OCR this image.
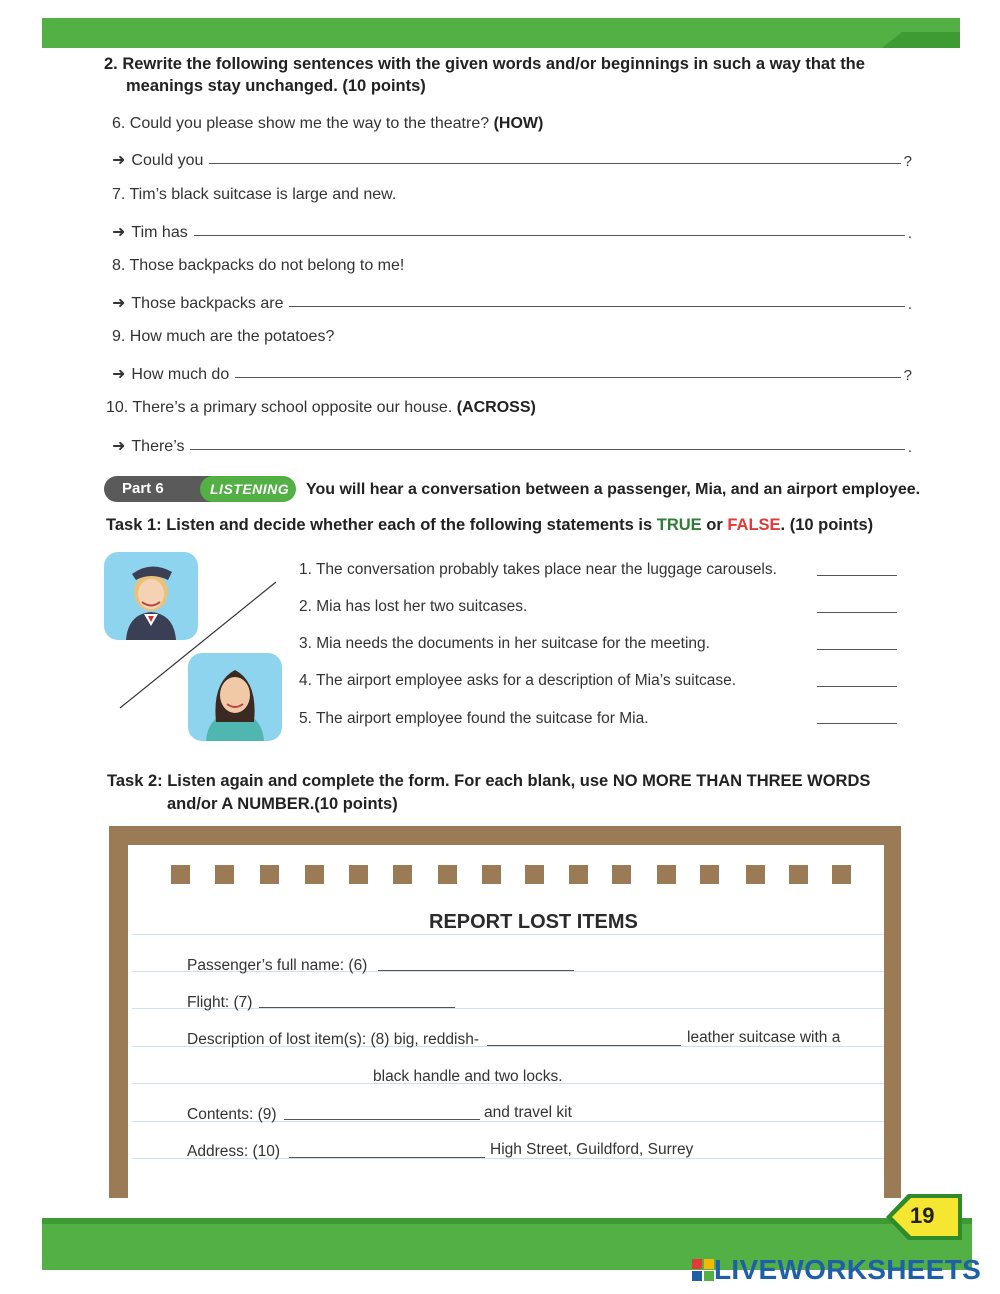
2. Rewrite the following sentences with the given words and/or beginnings in such a way that the
meanings stay unchanged. (10 points)
6. Could you please show me the way to the theatre? (HOW)
➜ Could you	?
7. Tim’s black suitcase is large and new.
➜ Tim has	.
8. Those backpacks do not belong to me!
➜ Those backpacks are	.
9. How much are the potatoes?
➜ How much do	?
10. There’s a primary school opposite our house. (ACROSS)
➜ There’s	.
Part 6	LISTENING	You will hear a conversation between a passenger, Mia, and an airport employee.
Task 1: Listen and decide whether each of the following statements is TRUE or FALSE. (10 points)
1. The conversation probably takes place near the luggage carousels.
2. Mia has lost her two suitcases.
3. Mia needs the documents in her suitcase for the meeting.
4. The airport employee asks for a description of Mia’s suitcase.
5. The airport employee found the suitcase for Mia.
Task 2: Listen again and complete the form. For each blank, use NO MORE THAN THREE WORDS
and/or A NUMBER.(10 points)
REPORT LOST ITEMS
Passenger’s full name: (6)
Flight: (7)
Description of lost item(s): (8) big, reddish-	leather suitcase with a
black handle and two locks.
Contents: (9)	and travel kit
Address: (10)	High Street, Guildford, Surrey
19
LIVEWORKSHEETS
